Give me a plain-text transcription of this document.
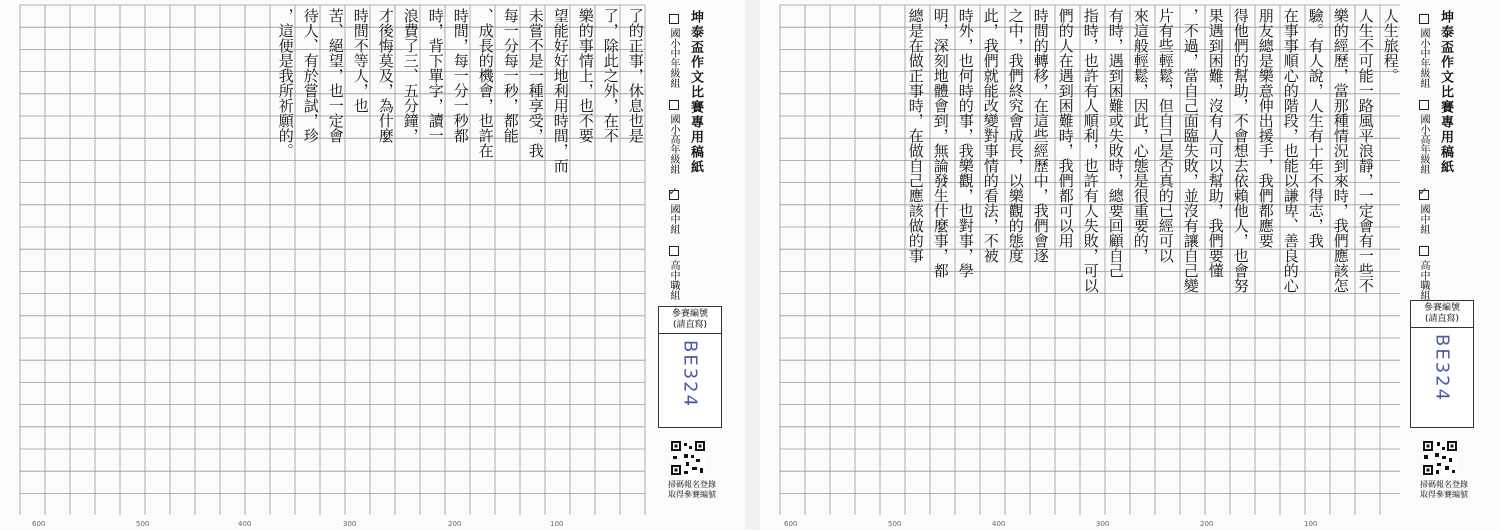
了的正事，休息也是
了，除此之外，在不
樂的事情上，也不要
望能好好地利用時間，而
未嘗不是一種享受，我
每一分每一秒，都能
、成長的機會，也許在
時間，每一分一秒都
時，背下單字，讀一
浪費了三、五分鐘，
才後悔莫及，為什麼
時間不等人，也
苦、絕望，也一定會
待人、有於嘗試，珍
，這便是我所祈願的。	坤泰盃作文比賽專用稿紙
國小中年級組
國小高年級組
✓
國中組
高中職組
參賽編號
(請直寫)
BE324
掃碼報名登錄
取得參賽編號
600	500	400	300	200	100
人生旅程。
人生不可能一路風平浪靜，一定會有一些不
樂的經歷，當那種情況到來時，我們應該怎
驗。有人說，人生有十年不得志，我
在事事順心的階段，也能以謙卑、善良的心
朋友總是樂意伸出援手，我們都應要
得他們的幫助，不會想去依賴他人，也會努
果遇到困難，沒有人可以幫助，我們要懂
，不過，當自己面臨失敗，並沒有讓自己變
片有些輕鬆，但自己是否真的已經可以
來這般輕鬆，因此，心態是很重要的，
有時，遇到困難或失敗時，總要回顧自己
指時，也許有人順利，也許有人失敗，可以
們的人在遇到困難時，我們都可以用
時間的轉移，在這些經歷中，我們會逐
之中，我們終究會成長，以樂觀的態度
此，我們就能改變對事情的看法，不被
時外，也何時的事，我樂觀，也對事，學
明，深刻地體會到，無論發生什麼事，都
總是在做正事時，在做自己應該做的事	坤泰盃作文比賽專用稿紙
國小中年級組
國小高年級組
✓
國中組
高中職組
參賽編號
(請直寫)
BE324
掃碼報名登錄
取得參賽編號
600	500	400	300	200	100
